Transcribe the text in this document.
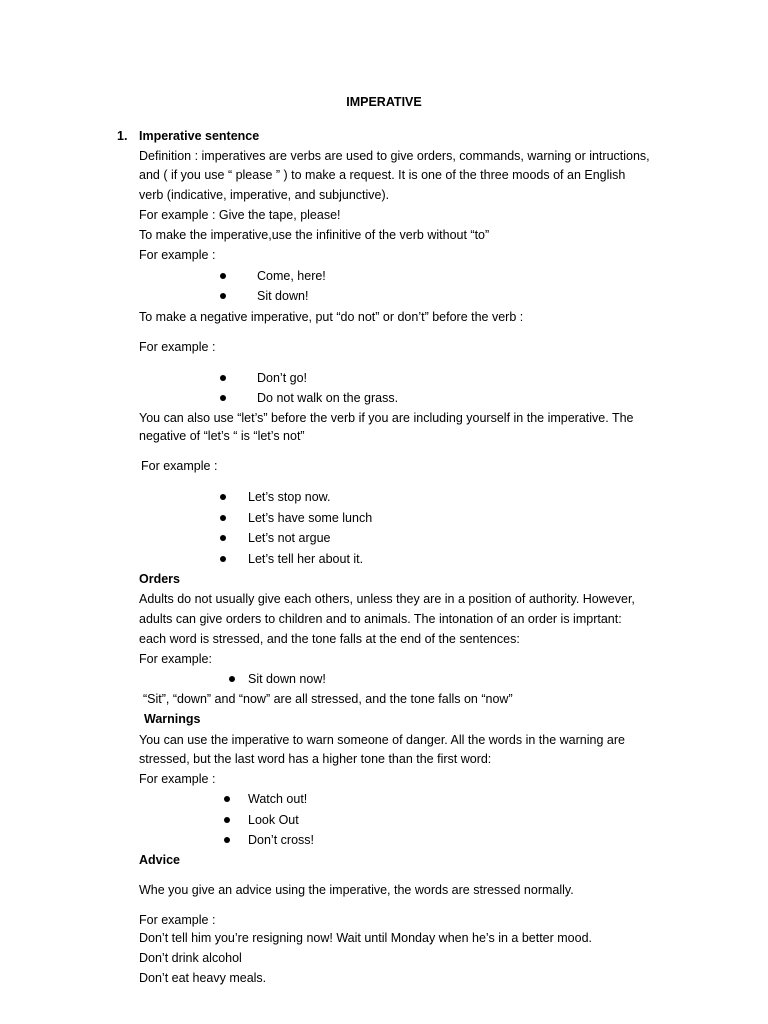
IMPERATIVE
1. Imperative sentence
Definition : imperatives are verbs are used to give orders, commands, warning or intructions,
and ( if you use “ please ” ) to make a request. It is one of the three moods of an English
verb (indicative, imperative, and subjunctive).
For example : Give the tape, please!
To make the imperative,use the infinitive of the verb without “to”
For example :
Come, here!
Sit down!
To make a negative imperative, put “do not” or don’t” before the verb :
For example :
Don’t go!
Do not walk on the grass.
You can also use “let’s” before the verb if you are including yourself in the imperative. The
negative of “let’s “ is “let’s not”
For example :
Let’s stop now.
Let’s have some lunch
Let’s not argue
Let’s tell her about it.
Orders
Adults do not usually give each others, unless they are in a position of authority. However,
adults can give orders to children and to animals. The intonation of an order is imprtant:
each word is stressed, and the tone falls at the end of the sentences:
For example:
Sit down now!
“Sit”, “down” and “now” are all stressed, and the tone falls on “now”
Warnings
You can use the imperative to warn someone of danger. All the words in the warning are
stressed, but the last word has a higher tone than the first word:
For example :
Watch out!
Look Out
Don’t cross!
Advice
Whe you give an advice using the imperative, the words are stressed normally.
For example :
Don’t tell him you’re resigning now! Wait until Monday when he’s in a better mood.
Don’t drink alcohol
Don’t eat heavy meals.
